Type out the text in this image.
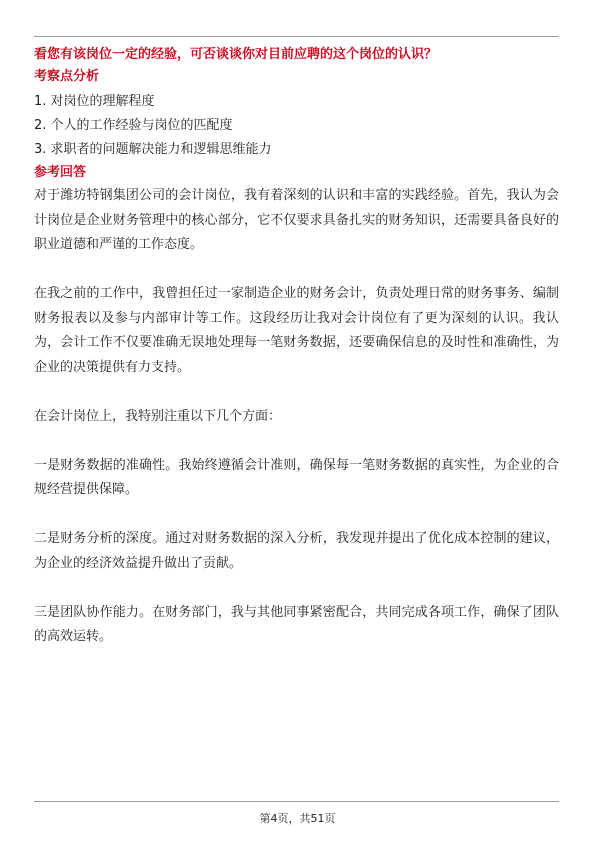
看您有该岗位一定的经验，可否谈谈你对目前应聘的这个岗位的认识？

考察点分析

1. 对岗位的理解程度

2. 个人的工作经验与岗位的匹配度

3. 求职者的问题解决能力和逻辑思维能力

参考回答

对于潍坊特钢集团公司的会计岗位，我有着深刻的认识和丰富的实践经验。首先，我认为会计岗位是企业财务管理中的核心部分，它不仅要求具备扎实的财务知识，还需要具备良好的职业道德和严谨的工作态度。

在我之前的工作中，我曾担任过一家制造企业的财务会计，负责处理日常的财务事务、编制财务报表以及参与内部审计等工作。这段经历让我对会计岗位有了更为深刻的认识。我认为，会计工作不仅要准确无误地处理每一笔财务数据，还要确保信息的及时性和准确性，为企业的决策提供有力支持。

在会计岗位上，我特别注重以下几个方面：

一是财务数据的准确性。我始终遵循会计准则，确保每一笔财务数据的真实性，为企业的合规经营提供保障。

二是财务分析的深度。通过对财务数据的深入分析，我发现并提出了优化成本控制的建议，为企业的经济效益提升做出了贡献。

三是团队协作能力。在财务部门，我与其他同事紧密配合，共同完成各项工作，确保了团队的高效运转。

第4页，共51页
